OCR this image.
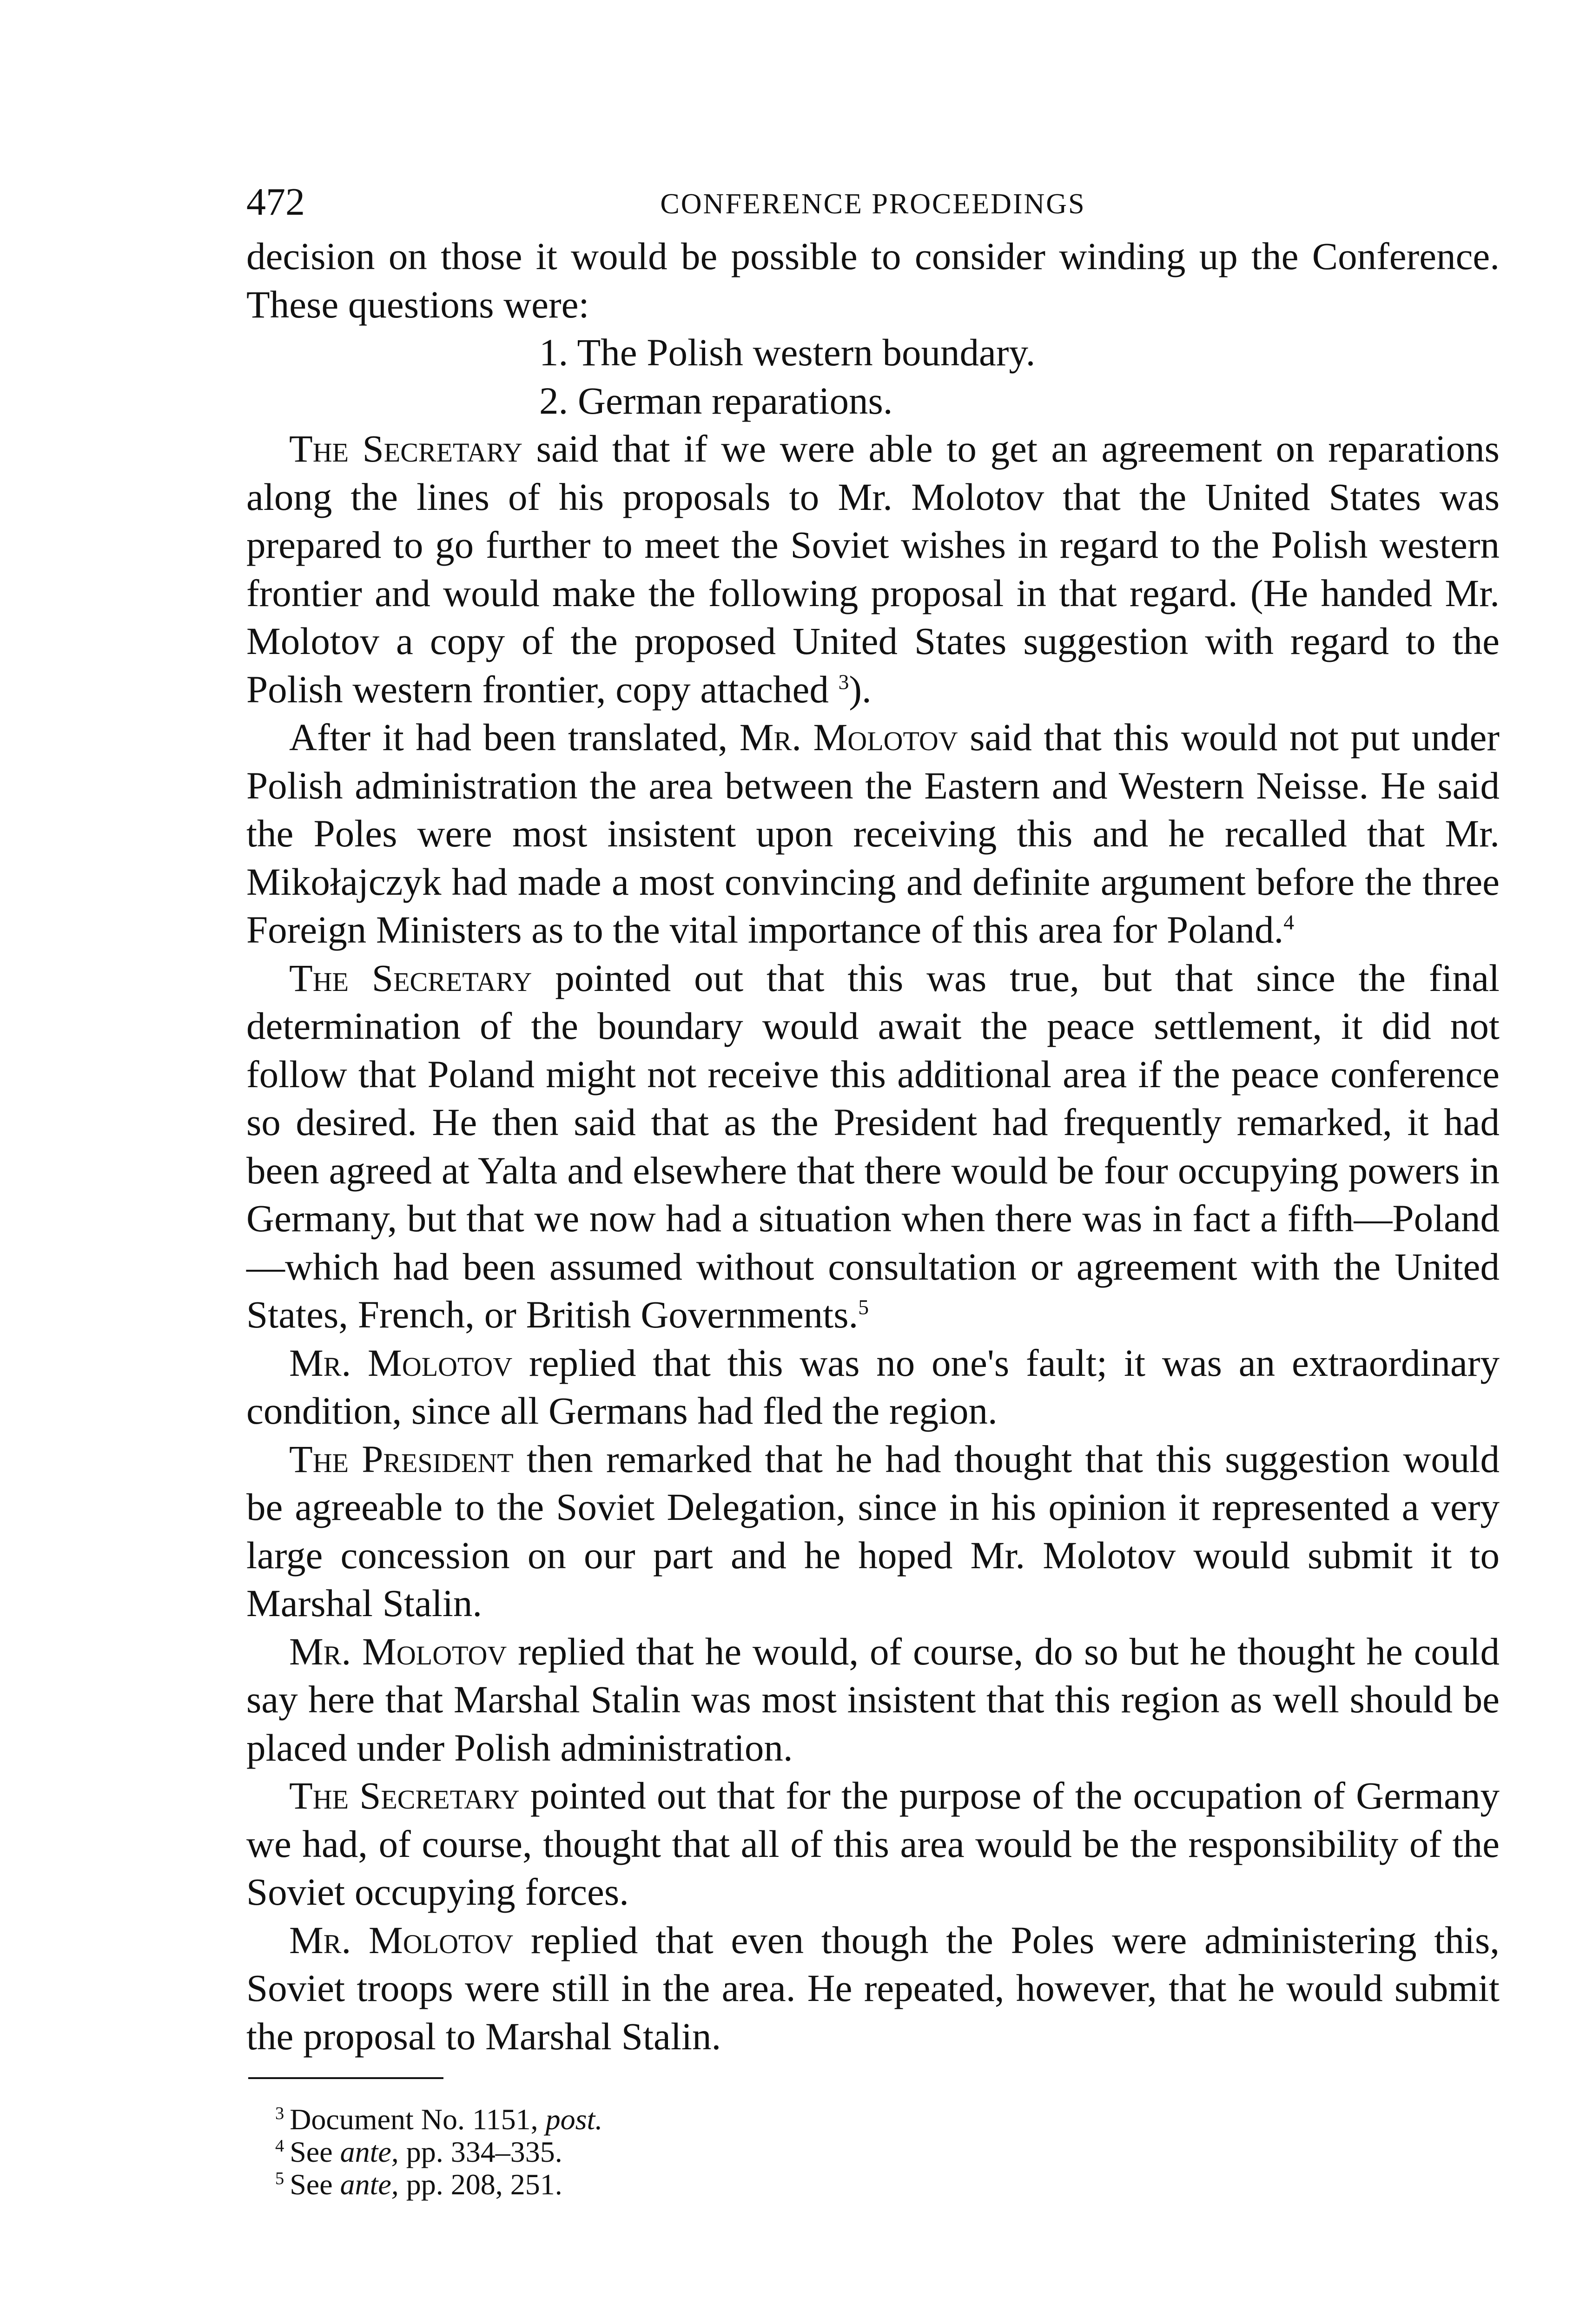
472	CONFERENCE PROCEEDINGS

decision on those it would be possible to consider winding up the Conference. These questions were:

1. The Polish western boundary.
2. German reparations.

The Secretary said that if we were able to get an agreement on reparations along the lines of his proposals to Mr. Molotov that the United States was prepared to go further to meet the Soviet wishes in regard to the Polish western frontier and would make the following proposal in that regard. (He handed Mr. Molotov a copy of the proposed United States suggestion with regard to the Polish western frontier, copy attached $^3$).

After it had been translated, Mr. Molotov said that this would not put under Polish administration the area between the Eastern and Western Neisse. He said the Poles were most insistent upon receiving this and he recalled that Mr. Mikołajczyk had made a most convincing and definite argument before the three Foreign Ministers as to the vital importance of this area for Poland.$^4$

The Secretary pointed out that this was true, but that since the final determination of the boundary would await the peace settlement, it did not follow that Poland might not receive this additional area if the peace conference so desired. He then said that as the President had frequently remarked, it had been agreed at Yalta and elsewhere that there would be four occupying powers in Germany, but that we now had a situation when there was in fact a fifth—Poland—which had been assumed without consultation or agreement with the United States, French, or British Governments.$^5$

Mr. Molotov replied that this was no one's fault; it was an extraordinary condition, since all Germans had fled the region.

The President then remarked that he had thought that this suggestion would be agreeable to the Soviet Delegation, since in his opinion it represented a very large concession on our part and he hoped Mr. Molotov would submit it to Marshal Stalin.

Mr. Molotov replied that he would, of course, do so but he thought he could say here that Marshal Stalin was most insistent that this region as well should be placed under Polish administration.

The Secretary pointed out that for the purpose of the occupation of Germany we had, of course, thought that all of this area would be the responsibility of the Soviet occupying forces.

Mr. Molotov replied that even though the Poles were administering this, Soviet troops were still in the area. He repeated, however, that he would submit the proposal to Marshal Stalin.

$^3$ Document No. 1151, post.
$^4$ See ante, pp. 334–335.
$^5$ See ante, pp. 208, 251.
